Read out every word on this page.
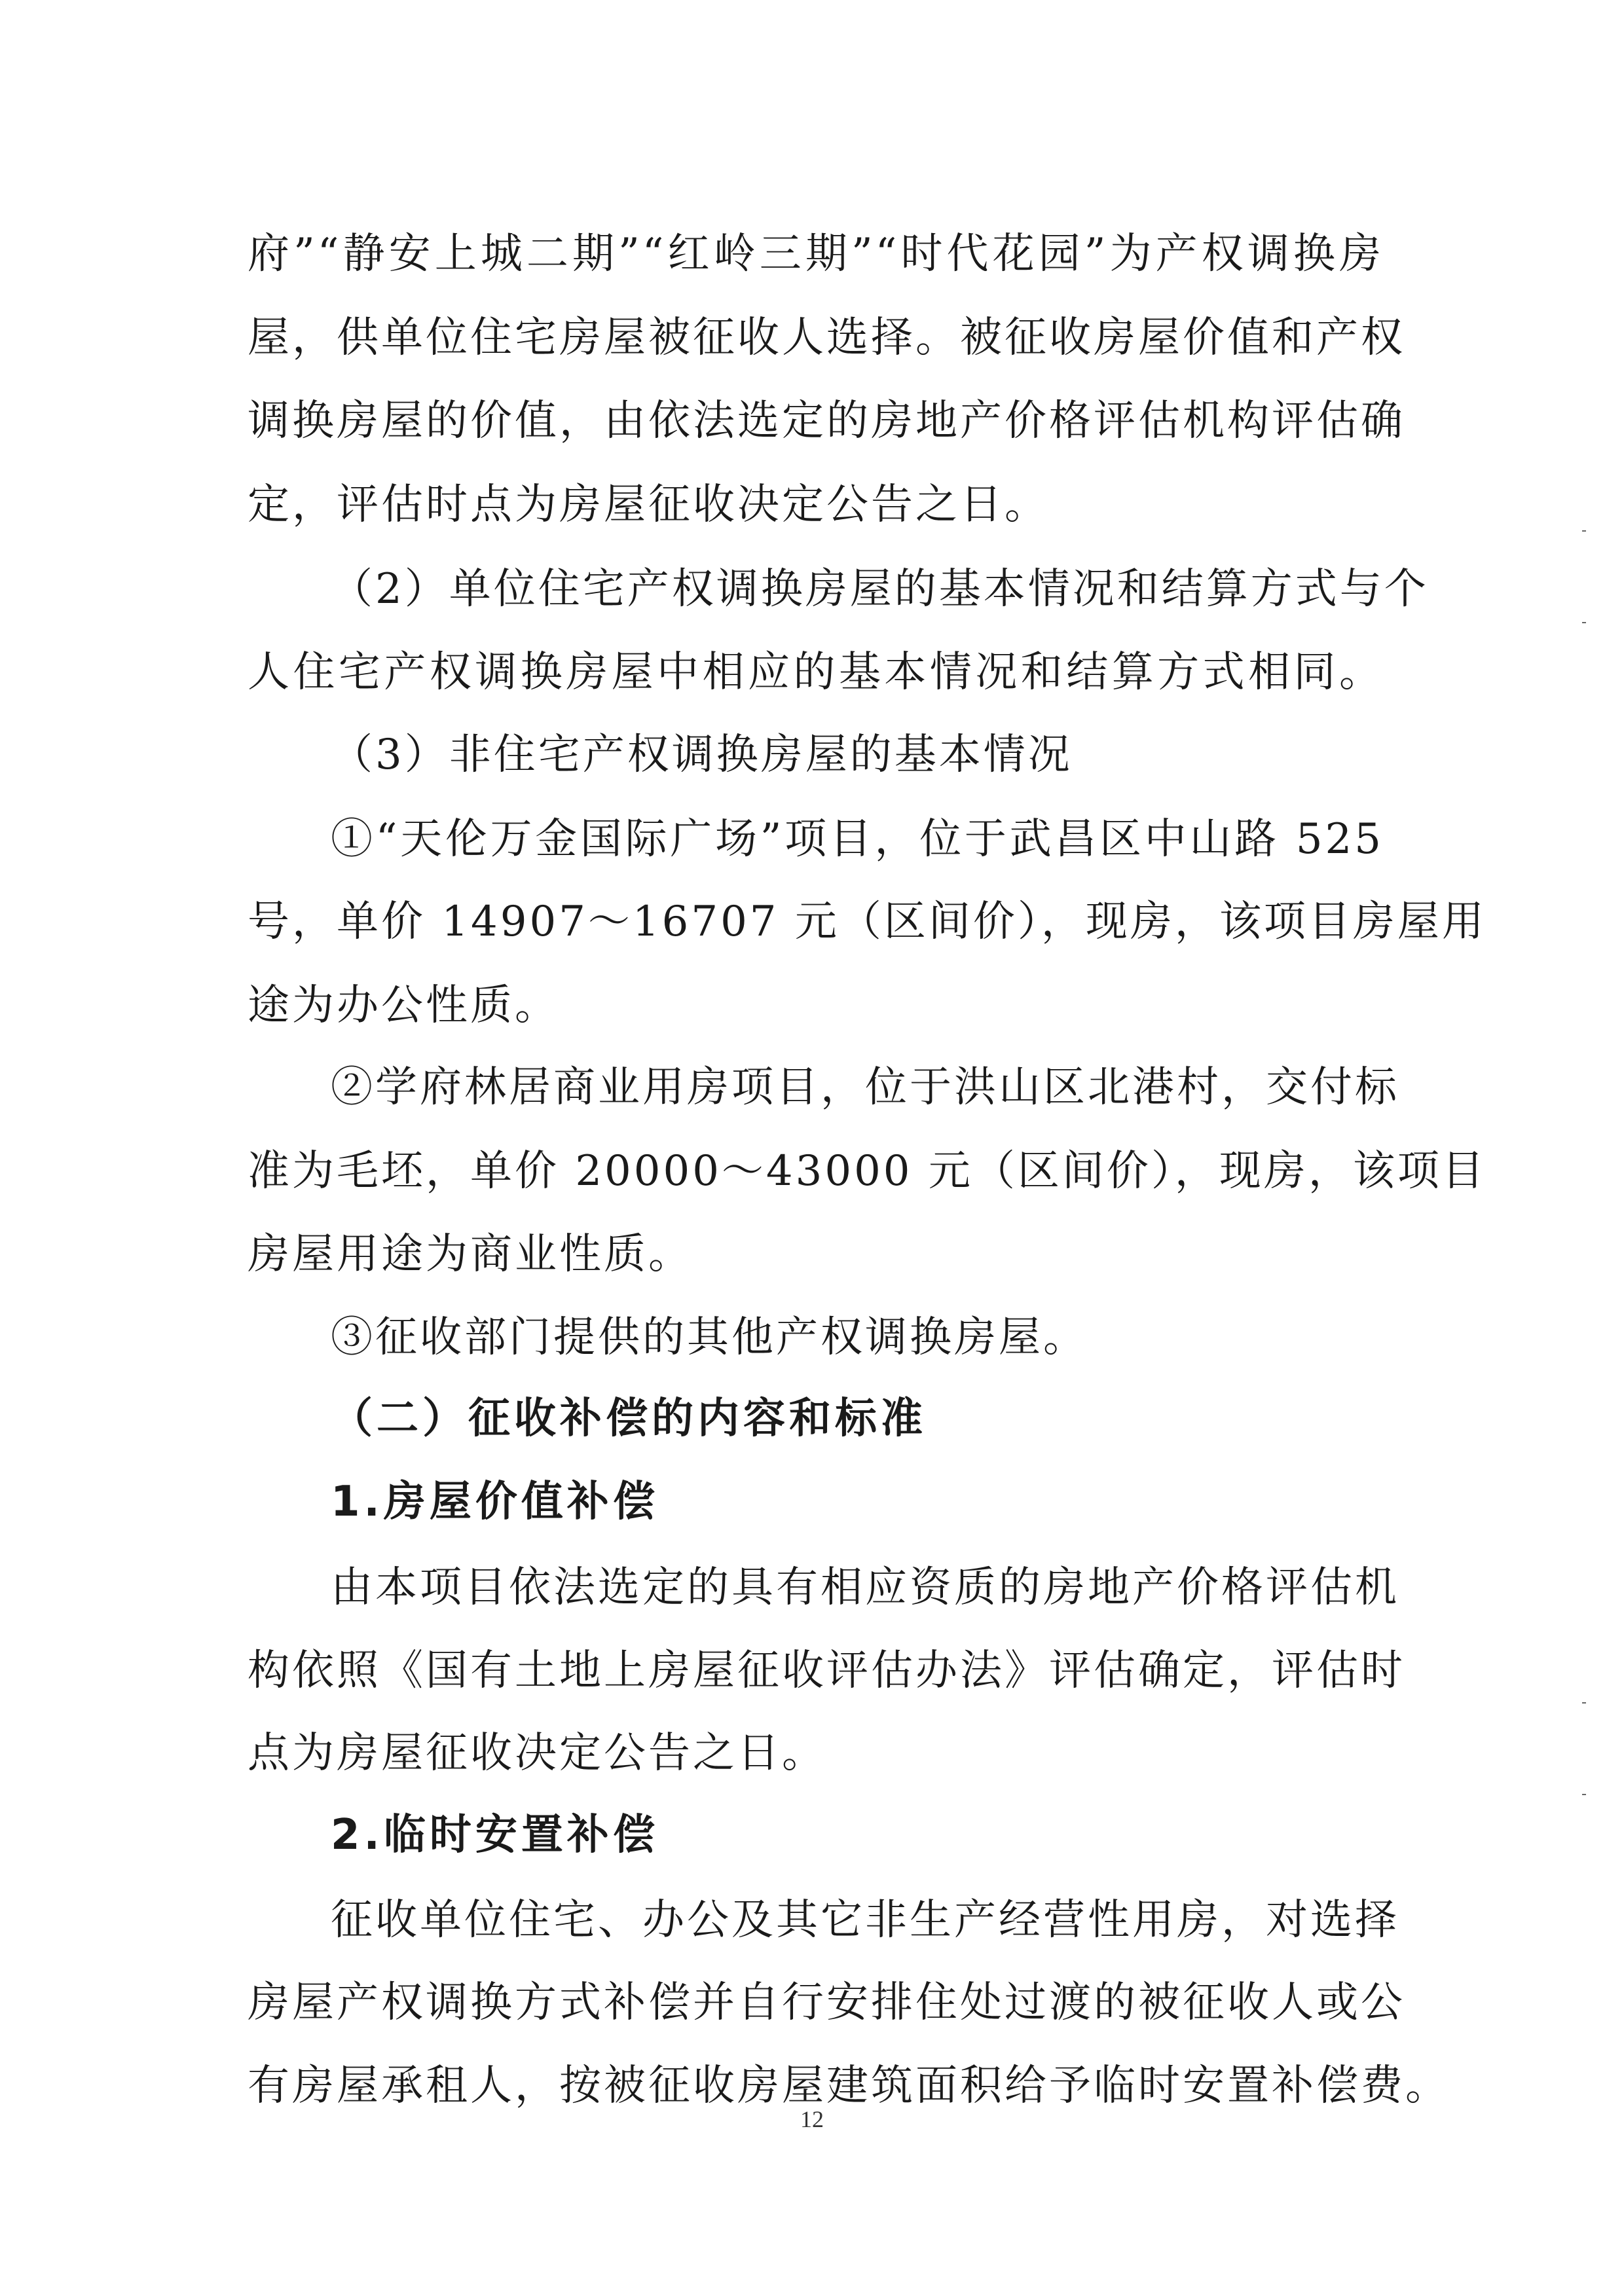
府”“静安上城二期”“红岭三期”“时代花园”为产权调换房
屋，供单位住宅房屋被征收人选择。被征收房屋价值和产权
调换房屋的价值，由依法选定的房地产价格评估机构评估确
定，评估时点为房屋征收决定公告之日。
（2）单位住宅产权调换房屋的基本情况和结算方式与个
人住宅产权调换房屋中相应的基本情况和结算方式相同。
（3）非住宅产权调换房屋的基本情况
①“天伦万金国际广场”项目，位于武昌区中山路 525
号，单价 14907～16707 元（区间价），现房，该项目房屋用
途为办公性质。
②学府林居商业用房项目，位于洪山区北港村，交付标
准为毛坯，单价 20000～43000 元（区间价），现房，该项目
房屋用途为商业性质。
③征收部门提供的其他产权调换房屋。
（二）征收补偿的内容和标准
1.房屋价值补偿
由本项目依法选定的具有相应资质的房地产价格评估机
构依照《国有土地上房屋征收评估办法》评估确定，评估时
点为房屋征收决定公告之日。
2.临时安置补偿
征收单位住宅、办公及其它非生产经营性用房，对选择
房屋产权调换方式补偿并自行安排住处过渡的被征收人或公
有房屋承租人，按被征收房屋建筑面积给予临时安置补偿费。
12
